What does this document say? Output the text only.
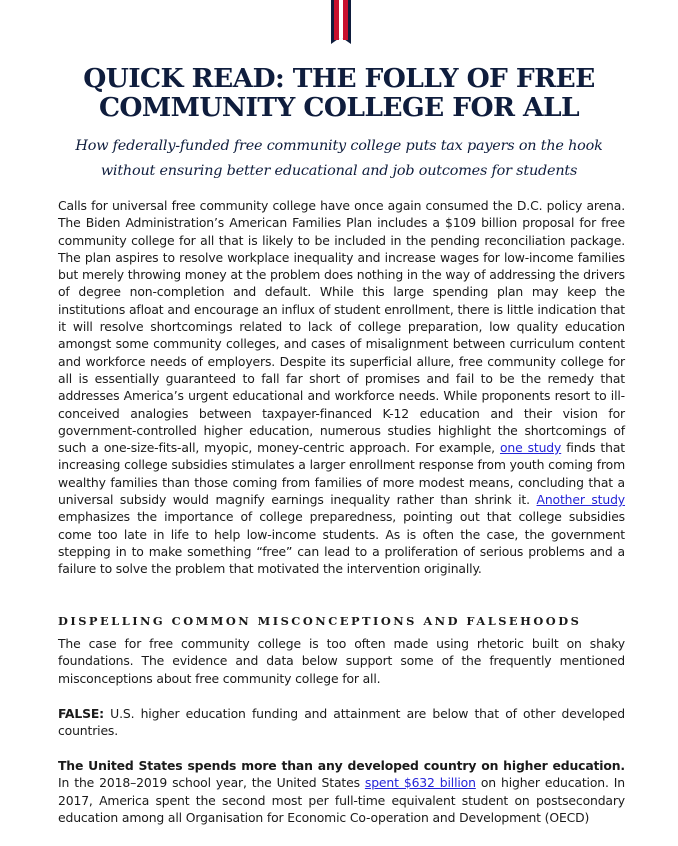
QUICK READ: THE FOLLY OF FREE
COMMUNITY COLLEGE FOR ALL

How federally-funded free community college puts tax payers on the hook
without ensuring better educational and job outcomes for students

Calls for universal free community college have once again consumed the D.C. policy arena. The Biden Administration’s American Families Plan includes a $109 billion proposal for free community college for all that is likely to be included in the pending reconciliation package. The plan aspires to resolve workplace inequality and increase wages for low-income families but merely throwing money at the problem does nothing in the way of addressing the drivers of degree non-completion and default. While this large spending plan may keep the institutions afloat and encourage an influx of student enrollment, there is little indication that it will resolve shortcomings related to lack of college preparation, low quality education amongst some community colleges, and cases of misalignment between curriculum content and workforce needs of employers. Despite its superficial allure, free community college for all is essentially guaranteed to fall far short of promises and fail to be the remedy that addresses America’s urgent educational and workforce needs. While proponents resort to ill-conceived analogies between taxpayer-financed K-12 education and their vision for government-controlled higher education, numerous studies highlight the shortcomings of such a one-size-fits-all, myopic, money-centric approach. For example, one study finds that increasing college subsidies stimulates a larger enrollment response from youth coming from wealthy families than those coming from families of more modest means, concluding that a universal subsidy would magnify earnings inequality rather than shrink it. Another study emphasizes the importance of college preparedness, pointing out that college subsidies come too late in life to help low-income students. As is often the case, the government stepping in to make something “free” can lead to a proliferation of serious problems and a failure to solve the problem that motivated the intervention originally.

DISPELLING COMMON MISCONCEPTIONS AND FALSEHOODS

The case for free community college is too often made using rhetoric built on shaky foundations. The evidence and data below support some of the frequently mentioned misconceptions about free community college for all.

FALSE: U.S. higher education funding and attainment are below that of other developed countries.

The United States spends more than any developed country on higher education. In the 2018–2019 school year, the United States spent $632 billion on higher education. In 2017, America spent the second most per full-time equivalent student on postsecondary education among all Organisation for Economic Co-operation and Development (OECD)
